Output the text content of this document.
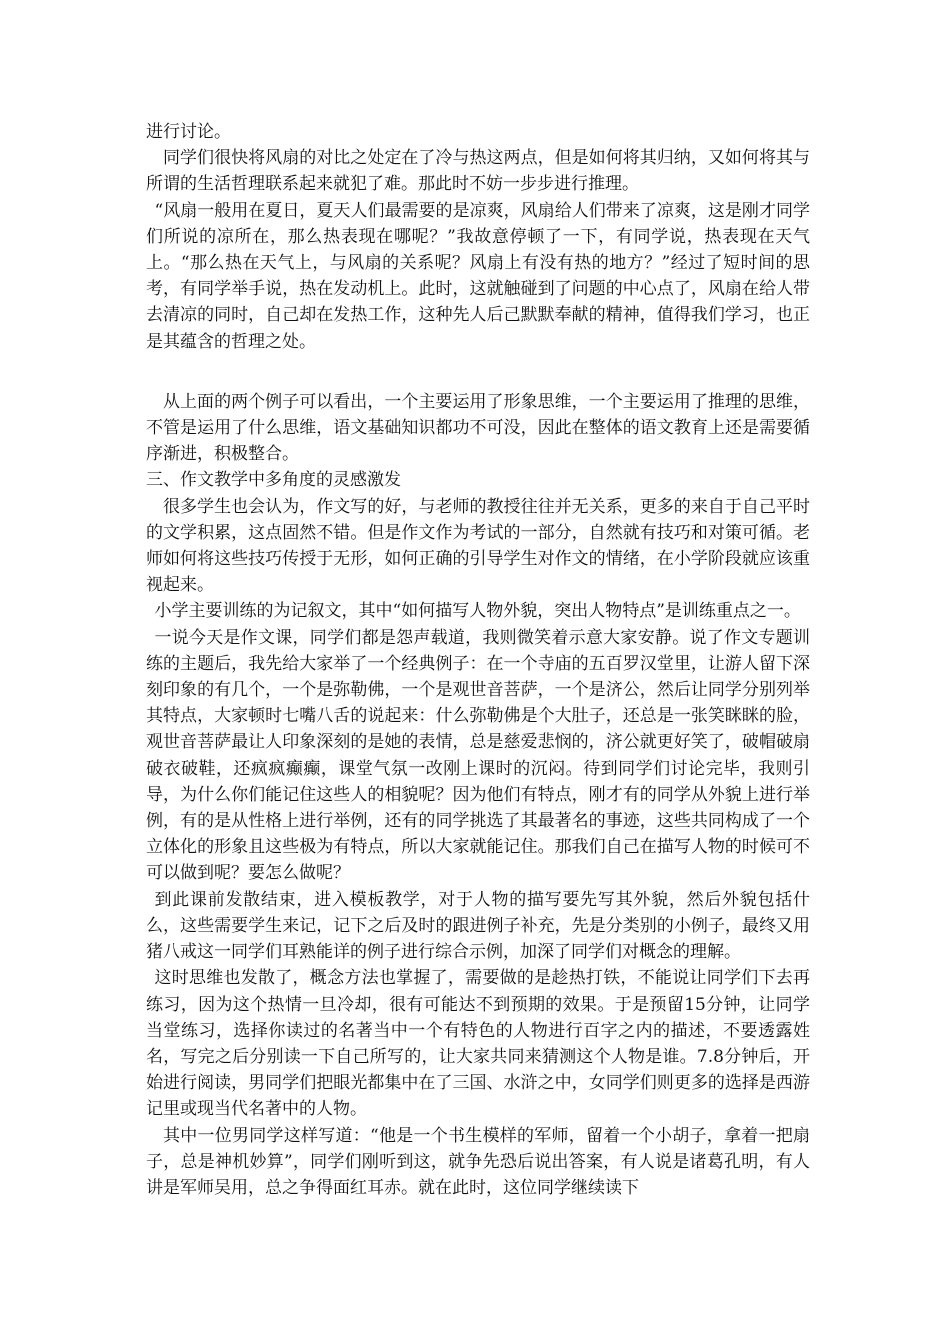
进行讨论。

同学们很快将风扇的对比之处定在了冷与热这两点，但是如何将其归纳，又如何将其与所谓的生活哲理联系起来就犯了难。那此时不妨一步步进行推理。

“风扇一般用在夏日，夏天人们最需要的是凉爽，风扇给人们带来了凉爽，这是刚才同学们所说的凉所在，那么热表现在哪呢？”我故意停顿了一下，有同学说，热表现在天气上。“那么热在天气上，与风扇的关系呢？风扇上有没有热的地方？”经过了短时间的思考，有同学举手说，热在发动机上。此时，这就触碰到了问题的中心点了，风扇在给人带去清凉的同时，自己却在发热工作，这种先人后己默默奉献的精神，值得我们学习，也正是其蕴含的哲理之处。

从上面的两个例子可以看出，一个主要运用了形象思维，一个主要运用了推理的思维，不管是运用了什么思维，语文基础知识都功不可没，因此在整体的语文教育上还是需要循序渐进，积极整合。

三、作文教学中多角度的灵感激发

很多学生也会认为，作文写的好，与老师的教授往往并无关系，更多的来自于自己平时的文学积累，这点固然不错。但是作文作为考试的一部分，自然就有技巧和对策可循。老师如何将这些技巧传授于无形，如何正确的引导学生对作文的情绪，在小学阶段就应该重视起来。

小学主要训练的为记叙文，其中“如何描写人物外貌，突出人物特点”是训练重点之一。

一说今天是作文课，同学们都是怨声载道，我则微笑着示意大家安静。说了作文专题训练的主题后，我先给大家举了一个经典例子：在一个寺庙的五百罗汉堂里，让游人留下深刻印象的有几个，一个是弥勒佛，一个是观世音菩萨，一个是济公，然后让同学分别列举其特点，大家顿时七嘴八舌的说起来：什么弥勒佛是个大肚子，还总是一张笑眯眯的脸，观世音菩萨最让人印象深刻的是她的表情，总是慈爱悲悯的，济公就更好笑了，破帽破扇破衣破鞋，还疯疯癫癫，课堂气氛一改刚上课时的沉闷。待到同学们讨论完毕，我则引导，为什么你们能记住这些人的相貌呢？因为他们有特点，刚才有的同学从外貌上进行举例，有的是从性格上进行举例，还有的同学挑选了其最著名的事迹，这些共同构成了一个立体化的形象且这些极为有特点，所以大家就能记住。那我们自己在描写人物的时候可不可以做到呢？要怎么做呢？

到此课前发散结束，进入模板教学，对于人物的描写要先写其外貌，然后外貌包括什么，这些需要学生来记，记下之后及时的跟进例子补充，先是分类别的小例子，最终又用猪八戒这一同学们耳熟能详的例子进行综合示例，加深了同学们对概念的理解。

这时思维也发散了，概念方法也掌握了，需要做的是趁热打铁，不能说让同学们下去再练习，因为这个热情一旦冷却，很有可能达不到预期的效果。于是预留15分钟，让同学当堂练习，选择你读过的名著当中一个有特色的人物进行百字之内的描述，不要透露姓名，写完之后分别读一下自己所写的，让大家共同来猜测这个人物是谁。7.8分钟后，开始进行阅读，男同学们把眼光都集中在了三国、水浒之中，女同学们则更多的选择是西游记里或现当代名著中的人物。

其中一位男同学这样写道：“他是一个书生模样的军师，留着一个小胡子，拿着一把扇子，总是神机妙算”，同学们刚听到这，就争先恐后说出答案，有人说是诸葛孔明，有人讲是军师吴用，总之争得面红耳赤。就在此时，这位同学继续读下
